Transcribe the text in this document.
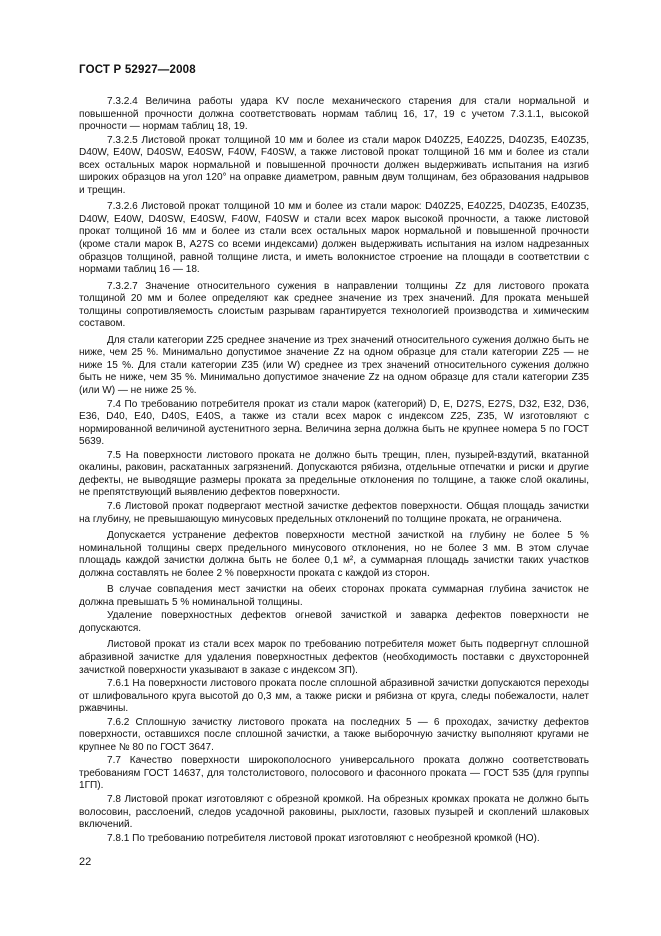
ГОСТ Р 52927—2008

7.3.2.4 Величина работы удара KV после механического старения для стали нормальной и повышенной прочности должна соответствовать нормам таблиц 16, 17, 19 с учетом 7.3.1.1, высокой прочности — нормам таблиц 18, 19.

7.3.2.5 Листовой прокат толщиной 10 мм и более из стали марок D40Z25, E40Z25, D40Z35, E40Z35, D40W, E40W, D40SW, E40SW, F40W, F40SW, а также листовой прокат толщиной 16 мм и более из стали всех остальных марок нормальной и повышенной прочности должен выдерживать испытания на изгиб широких образцов на угол 120° на оправке диаметром, равным двум толщинам, без образования надрывов и трещин.

7.3.2.6 Листовой прокат толщиной 10 мм и более из стали марок: D40Z25, E40Z25, D40Z35, E40Z35, D40W, E40W, D40SW, E40SW, F40W, F40SW и стали всех марок высокой прочности, а также листовой прокат толщиной 16 мм и более из стали всех остальных марок нормальной и повышенной прочности (кроме стали марок В, A27S со всеми индексами) должен выдерживать испытания на излом надрезанных образцов толщиной, равной толщине листа, и иметь волокнистое строение на площади в соответствии с нормами таблиц 16 — 18.

7.3.2.7 Значение относительного сужения в направлении толщины Zz для листового проката толщиной 20 мм и более определяют как среднее значение из трех значений. Для проката меньшей толщины сопротивляемость слоистым разрывам гарантируется технологией производства и химическим составом.

Для стали категории Z25 среднее значение из трех значений относительного сужения должно быть не ниже, чем 25 %. Минимально допустимое значение Zz на одном образце для стали категории Z25 — не ниже 15 %. Для стали категории Z35 (или W) среднее из трех значений относительного сужения должно быть не ниже, чем 35 %. Минимально допустимое значение Zz на одном образце для стали категории Z35 (или W) — не ниже 25 %.

7.4 По требованию потребителя прокат из стали марок (категорий) D, E, D27S, E27S, D32, E32, D36, E36, D40, E40, D40S, E40S, а также из стали всех марок с индексом Z25, Z35, W изготовляют с нормированной величиной аустенитного зерна. Величина зерна должна быть не крупнее номера 5 по ГОСТ 5639.

7.5 На поверхности листового проката не должно быть трещин, плен, пузырей-вздутий, вкатанной окалины, раковин, раскатанных загрязнений. Допускаются рябизна, отдельные отпечатки и риски и другие дефекты, не выводящие размеры проката за предельные отклонения по толщине, а также слой окалины, не препятствующий выявлению дефектов поверхности.

7.6 Листовой прокат подвергают местной зачистке дефектов поверхности. Общая площадь зачистки на глубину, не превышающую минусовых предельных отклонений по толщине проката, не ограничена.

Допускается устранение дефектов поверхности местной зачисткой на глубину не более 5 % номинальной толщины сверх предельного минусового отклонения, но не более 3 мм. В этом случае площадь каждой зачистки должна быть не более 0,1 м², а суммарная площадь зачистки таких участков должна составлять не более 2 % поверхности проката с каждой из сторон.

В случае совпадения мест зачистки на обеих сторонах проката суммарная глубина зачисток не должна превышать 5 % номинальной толщины.

Удаление поверхностных дефектов огневой зачисткой и заварка дефектов поверхности не допускаются.

Листовой прокат из стали всех марок по требованию потребителя может быть подвергнут сплошной абразивной зачистке для удаления поверхностных дефектов (необходимость поставки с двухсторонней зачисткой поверхности указывают в заказе с индексом ЗП).

7.6.1 На поверхности листового проката после сплошной абразивной зачистки допускаются переходы от шлифовального круга высотой до 0,3 мм, а также риски и рябизна от круга, следы побежалости, налет ржавчины.

7.6.2 Сплошную зачистку листового проката на последних 5 — 6 проходах, зачистку дефектов поверхности, оставшихся после сплошной зачистки, а также выборочную зачистку выполняют кругами не крупнее № 80 по ГОСТ 3647.

7.7 Качество поверхности широкополосного универсального проката должно соответствовать требованиям ГОСТ 14637, для толстолистового, полосового и фасонного проката — ГОСТ 535 (для группы 1ГП).

7.8 Листовой прокат изготовляют с обрезной кромкой. На обрезных кромках проката не должно быть волосовин, расслоений, следов усадочной раковины, рыхлости, газовых пузырей и скоплений шлаковых включений.

7.8.1 По требованию потребителя листовой прокат изготовляют с необрезной кромкой (НО).

22
